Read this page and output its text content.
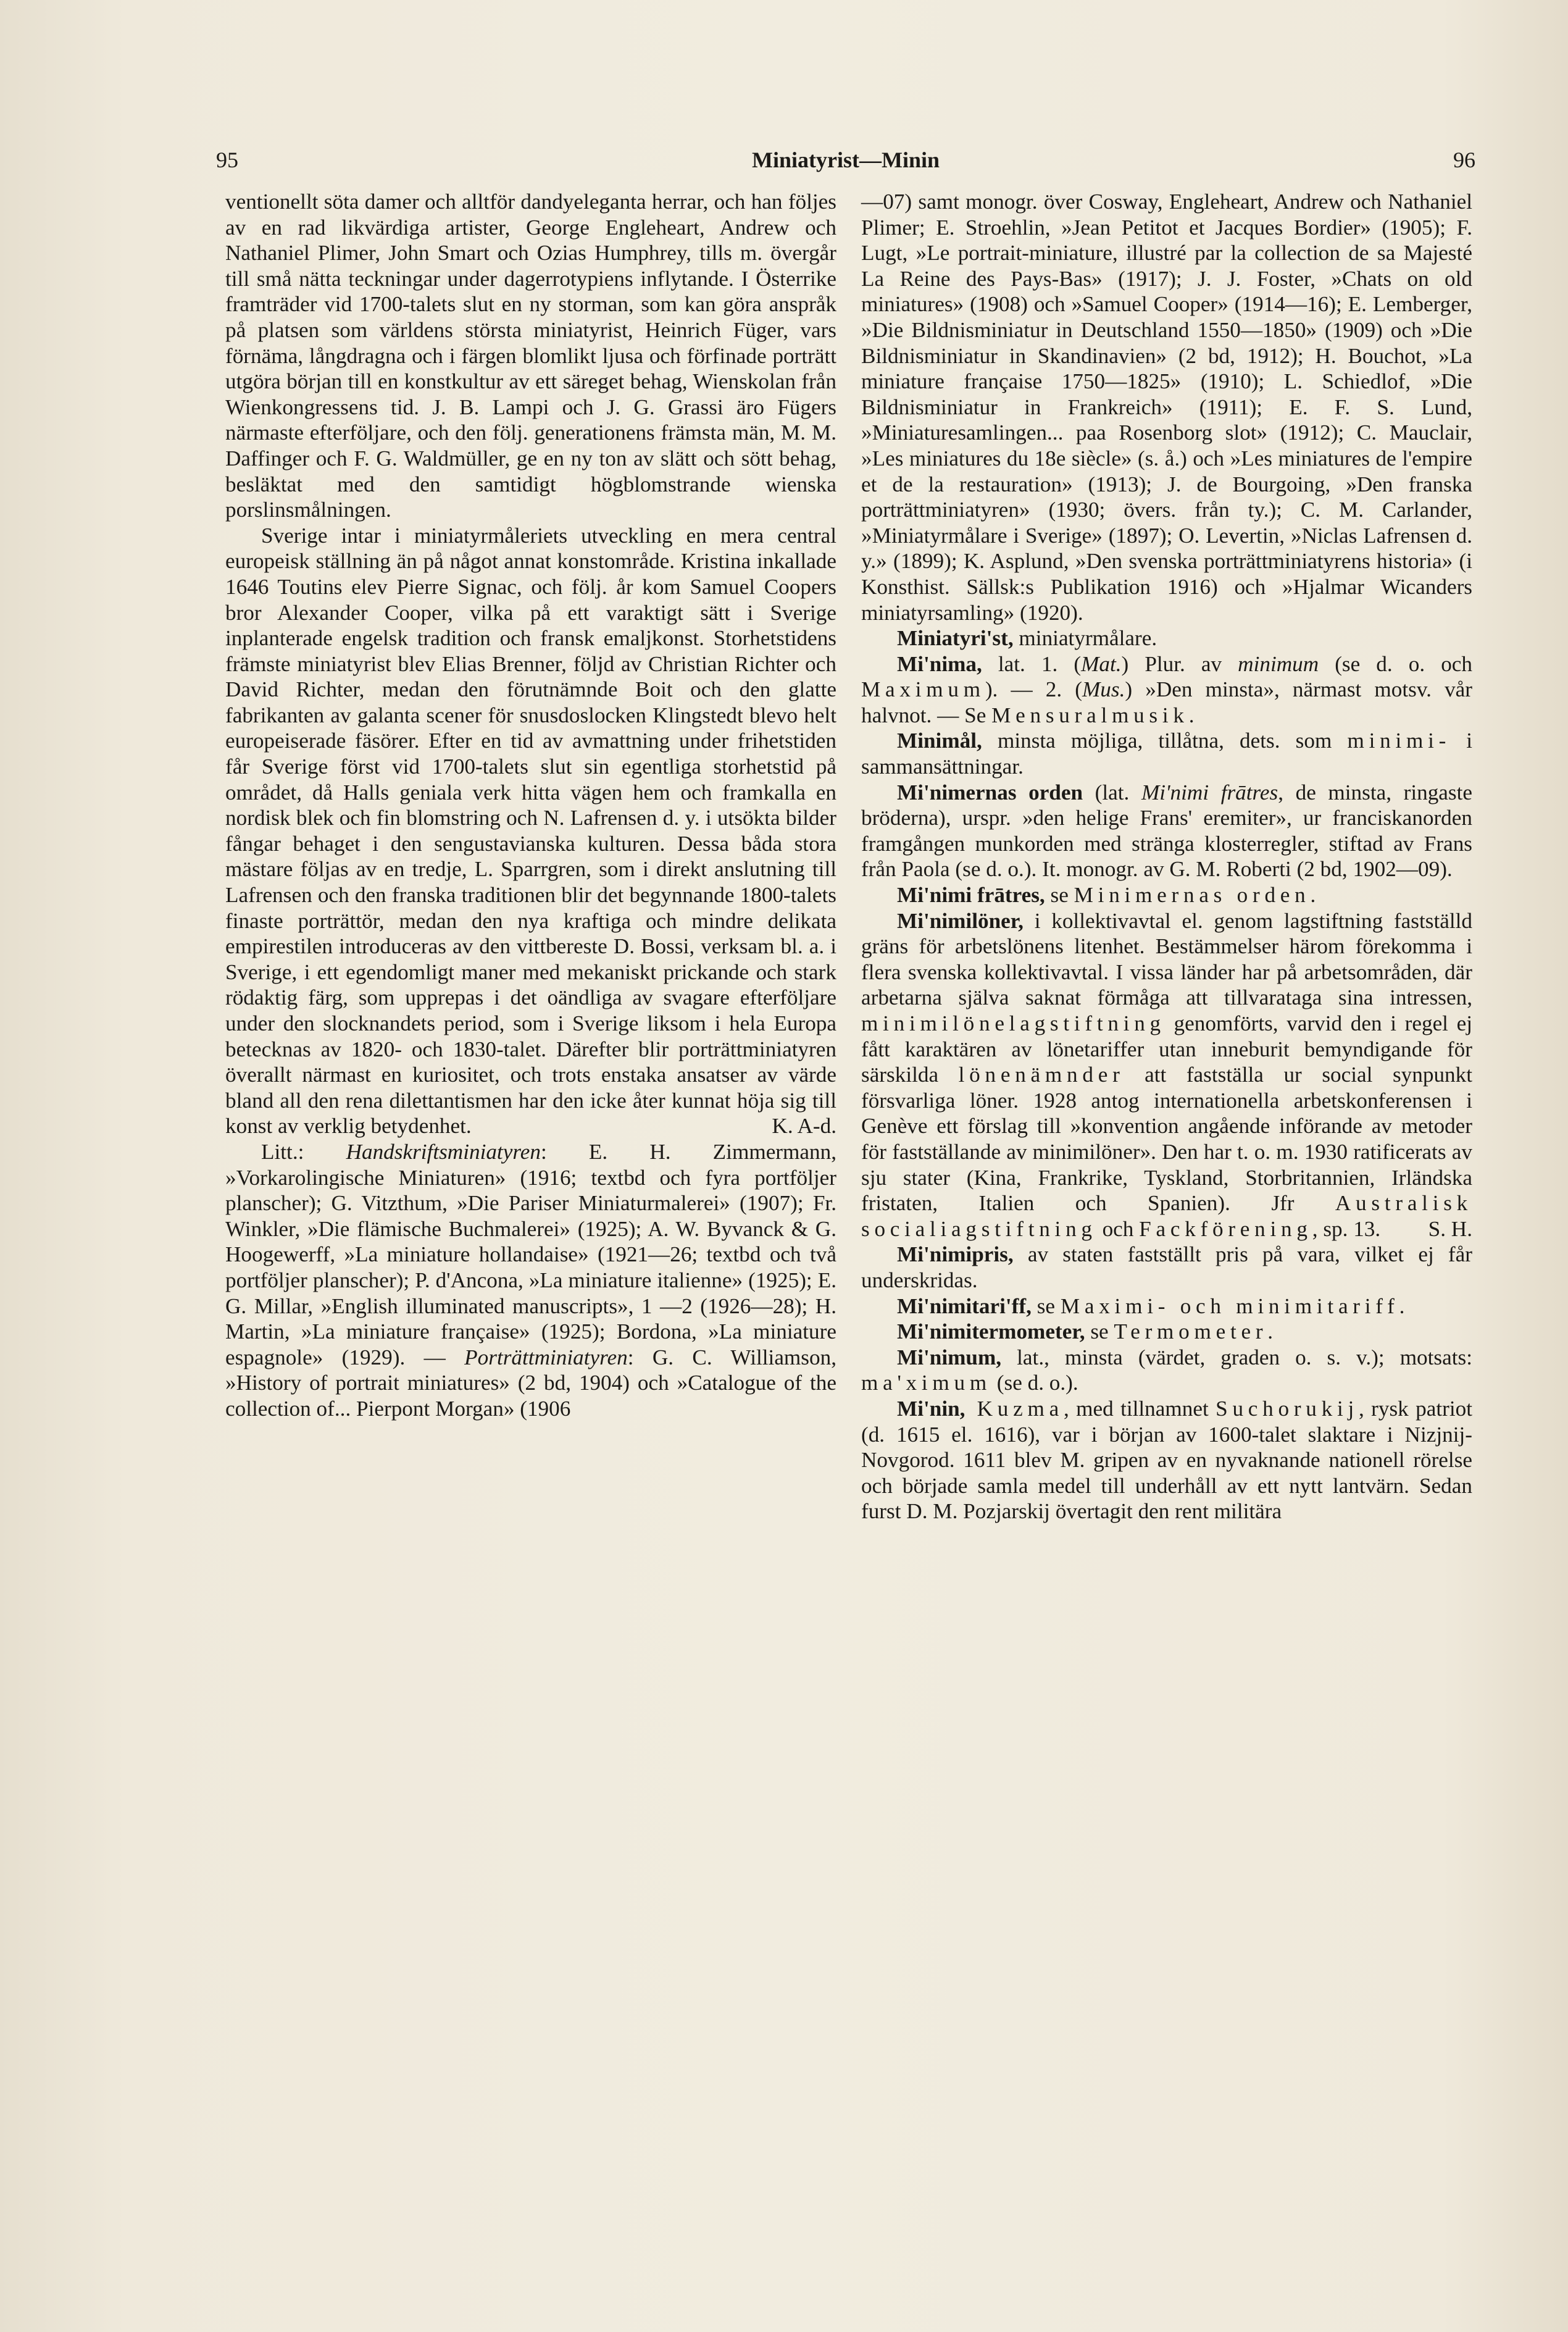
95	Miniatyrist—Minin	96

ventionellt söta damer och alltför dandyeleganta herrar, och han följes av en rad likvärdiga artister, George Engleheart, Andrew och Nathaniel Plimer, John Smart och Ozias Humphrey, tills m. övergår till små nätta teckningar under dagerrotypiens inflytande. I Österrike framträder vid 1700-talets slut en ny storman, som kan göra anspråk på platsen som världens största miniatyrist, Heinrich Füger, vars förnäma, långdragna och i färgen blomlikt ljusa och förfinade porträtt utgöra början till en konstkultur av ett säreget behag, Wienskolan från Wienkongressens tid. J. B. Lampi och J. G. Grassi äro Fügers närmaste efterföljare, och den följ. generationens främsta män, M. M. Daffinger och F. G. Waldmüller, ge en ny ton av slätt och sött behag, besläktat med den samtidigt högblomstrande wienska porslinsmålningen.

Sverige intar i miniatyrmåleriets utveckling en mera central europeisk ställning än på något annat konstområde. Kristina inkallade 1646 Toutins elev Pierre Signac, och följ. år kom Samuel Coopers bror Alexander Cooper, vilka på ett varaktigt sätt i Sverige inplanterade engelsk tradition och fransk emaljkonst. Storhetstidens främste miniatyrist blev Elias Brenner, följd av Christian Richter och David Richter, medan den förutnämnde Boit och den glatte fabrikanten av galanta scener för snusdoslocken Klingstedt blevo helt europeiserade fäsörer. Efter en tid av avmattning under frihetstiden får Sverige först vid 1700-talets slut sin egentliga storhetstid på området, då Halls geniala verk hitta vägen hem och framkalla en nordisk blek och fin blomstring och N. Lafrensen d. y. i utsökta bilder fångar behaget i den sengustavianska kulturen. Dessa båda stora mästare följas av en tredje, L. Sparrgren, som i direkt anslutning till Lafrensen och den franska traditionen blir det begynnande 1800-talets finaste porträttör, medan den nya kraftiga och mindre delikata empirestilen introduceras av den vittbereste D. Bossi, verksam bl. a. i Sverige, i ett egendomligt maner med mekaniskt prickande och stark rödaktig färg, som upprepas i det oändliga av svagare efterföljare under den slocknandets period, som i Sverige liksom i hela Europa betecknas av 1820- och 1830-talet. Därefter blir porträttminiatyren överallt närmast en kuriositet, och trots enstaka ansatser av värde bland all den rena dilettantismen har den icke åter kunnat höja sig till konst av verklig betydenhet.	K. A-d.

Litt.: Handskriftsminiatyren: E. H. Zimmermann, »Vorkarolingische Miniaturen» (1916; textbd och fyra portföljer planscher); G. Vitzthum, »Die Pariser Miniaturmalerei» (1907); Fr. Winkler, »Die flämische Buchmalerei» (1925); A. W. Byvanck & G. Hoogewerff, »La miniature hollandaise» (1921—26; textbd och två portföljer planscher); P. d'Ancona, »La miniature italienne» (1925); E. G. Millar, »English illuminated manuscripts», 1 —2 (1926—28); H. Martin, »La miniature française» (1925); Bordona, »La miniature espagnole» (1929). — Porträttminiatyren: G. C. Williamson, »History of portrait miniatures» (2 bd, 1904) och »Catalogue of the collection of... Pierpont Morgan» (1906

—07) samt monogr. över Cosway, Engleheart, Andrew och Nathaniel Plimer; E. Stroehlin, »Jean Petitot et Jacques Bordier» (1905); F. Lugt, »Le portrait-miniature, illustré par la collection de sa Majesté La Reine des Pays-Bas» (1917); J. J. Foster, »Chats on old miniatures» (1908) och »Samuel Cooper» (1914—16); E. Lemberger, »Die Bildnisminiatur in Deutschland 1550—1850» (1909) och »Die Bildnisminiatur in Skandinavien» (2 bd, 1912); H. Bouchot, »La miniature française 1750—1825» (1910); L. Schiedlof, »Die Bildnisminiatur in Frankreich» (1911); E. F. S. Lund, »Miniaturesamlingen... paa Rosenborg slot» (1912); C. Mauclair, »Les miniatures du 18e siècle» (s. å.) och »Les miniatures de l'empire et de la restauration» (1913); J. de Bourgoing, »Den franska porträttminiatyren» (1930; övers. från ty.); C. M. Carlander, »Miniatyrmålare i Sverige» (1897); O. Levertin, »Niclas Lafrensen d. y.» (1899); K. Asplund, »Den svenska porträttminiatyrens historia» (i Konsthist. Sällsk:s Publikation 1916) och »Hjalmar Wicanders miniatyrsamling» (1920).

Miniatyri'st, miniatyrmålare.

Mi'nima, lat. 1. (Mat.) Plur. av minimum (se d. o. och Maximum). — 2. (Mus.) »Den minsta», närmast motsv. vår halvnot. — Se Mensuralmusik.

Minimål, minsta möjliga, tillåtna, dets. som minimi- i sammansättningar.

Mi'nimernas orden (lat. Mi'nimi frātres, de minsta, ringaste bröderna), urspr. »den helige Frans' eremiter», ur franciskanorden framgången munkorden med stränga klosterregler, stiftad av Frans från Paola (se d. o.). It. monogr. av G. M. Roberti (2 bd, 1902—09).

Mi'nimi frātres, se Minimernas orden.

Mi'nimilöner, i kollektivavtal el. genom lagstiftning fastställd gräns för arbetslönens litenhet. Bestämmelser härom förekomma i flera svenska kollektivavtal. I vissa länder har på arbetsområden, där arbetarna själva saknat förmåga att tillvarataga sina intressen, minimilönelagstiftning genomförts, varvid den i regel ej fått karaktären av lönetariffer utan inneburit bemyndigande för särskilda lönenämnder att fastställa ur social synpunkt försvarliga löner. 1928 antog internationella arbetskonferensen i Genève ett förslag till »konvention angående införande av metoder för fastställande av minimilöner». Den har t. o. m. 1930 ratificerats av sju stater (Kina, Frankrike, Tyskland, Storbritannien, Irländska fristaten, Italien och Spanien). Jfr Australisk socialiagstiftning och Fackförening, sp. 13.	S. H.

Mi'nimipris, av staten fastställt pris på vara, vilket ej får underskridas.

Mi'nimitari'ff, se Maximi- och minimitariff.

Mi'nimitermometer, se Termometer.

Mi'nimum, lat., minsta (värdet, graden o. s. v.); motsats: ma'ximum (se d. o.).

Mi'nin, Kuzma, med tillnamnet Suchorukij, rysk patriot (d. 1615 el. 1616), var i början av 1600-talet slaktare i Nizjnij-Novgorod. 1611 blev M. gripen av en nyvaknande nationell rörelse och började samla medel till underhåll av ett nytt lantvärn. Sedan furst D. M. Pozjarskij övertagit den rent militära
